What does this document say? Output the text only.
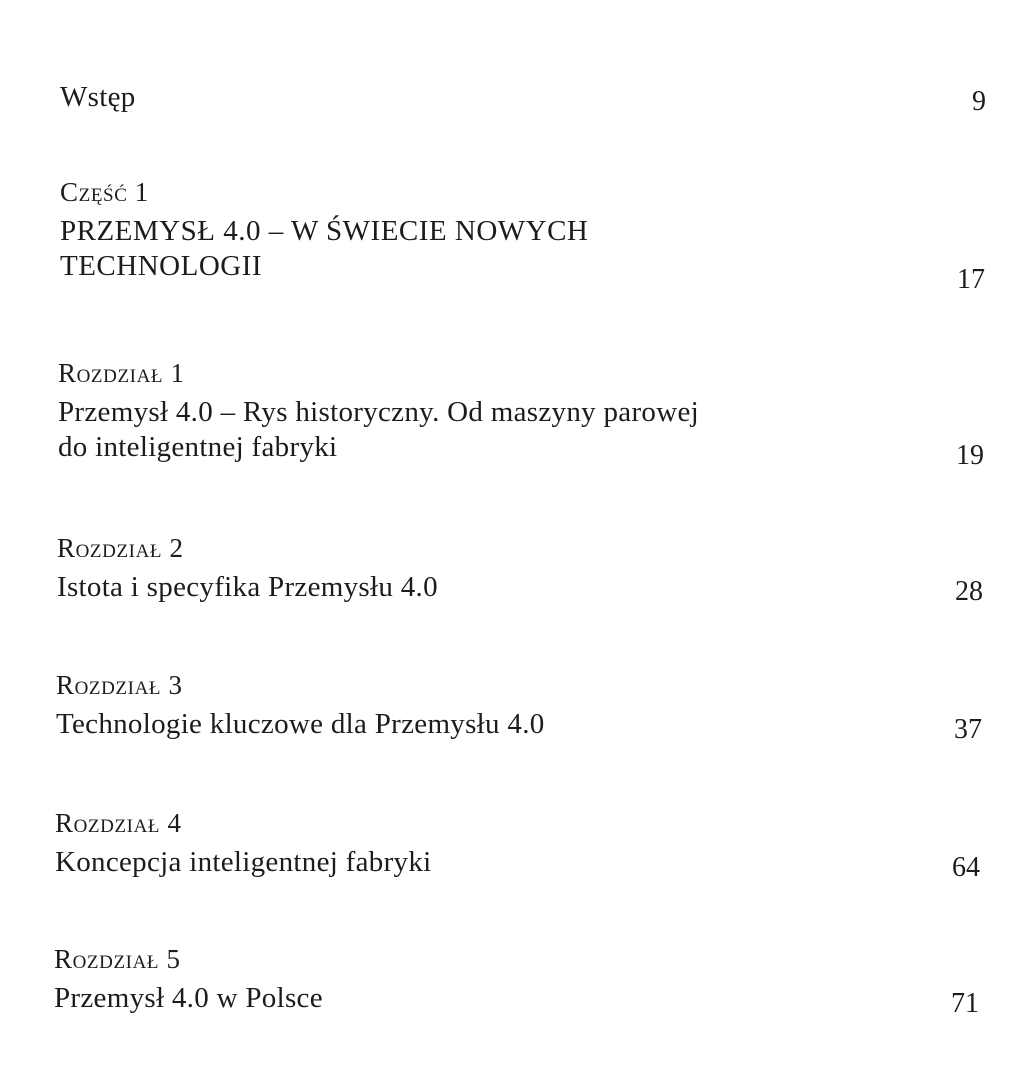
Wstęp	9
Część 1
PRZEMYSŁ 4.0 – W ŚWIECIE NOWYCH
TECHNOLOGII	17
Rozdział 1
Przemysł 4.0 – Rys historyczny. Od maszyny parowej
do inteligentnej fabryki	19
Rozdział 2
Istota i specyfika Przemysłu 4.0	28
Rozdział 3
Technologie kluczowe dla Przemysłu 4.0	37
Rozdział 4
Koncepcja inteligentnej fabryki	64
Rozdział 5
Przemysł 4.0 w Polsce	71
